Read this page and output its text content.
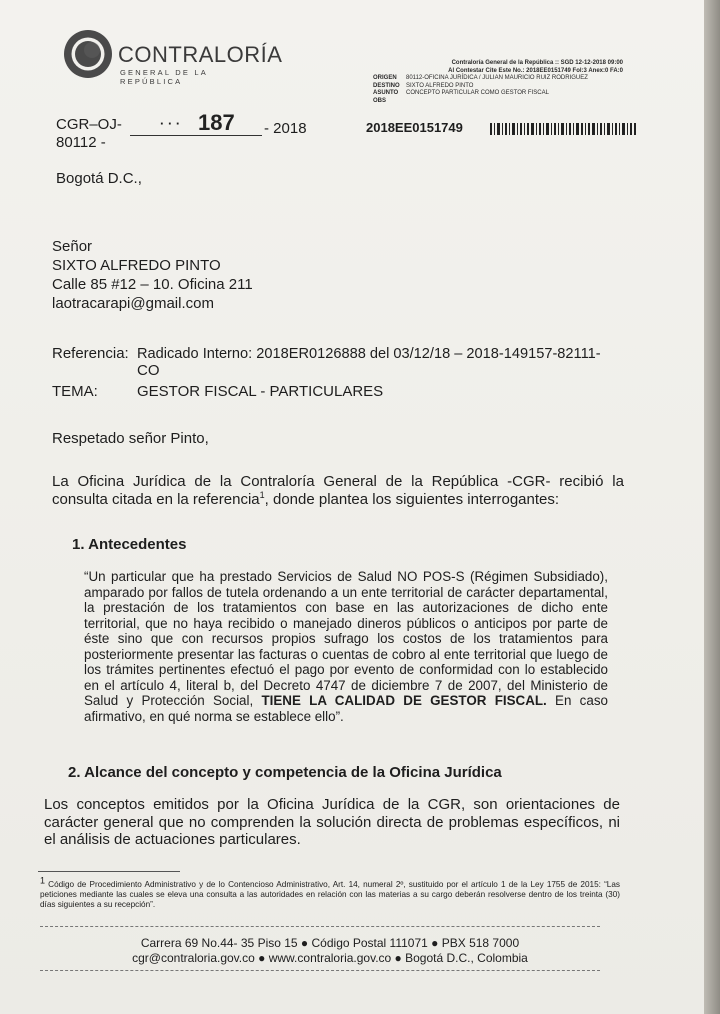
CONTRALORÍA
GENERAL DE LA REPÚBLICA
Contraloría General de la República :: SGD 12-12-2018 09:00
Al Contestar Cite Este No.: 2018EE0151749 Fol:3 Anex:0 FA:0
ORIGEN 80112-OFICINA JURÍDICA / JULIAN MAURICIO RUIZ RODRIGUEZ
DESTINO SIXTO ALFREDO PINTO
ASUNTO CONCEPTO PARTICULAR COMO GESTOR FISCAL
OBS
CGR–OJ-
80112 -
· · · 187 - 2018	2018EE0151749
Bogotá D.C.,
Señor
SIXTO ALFREDO PINTO
Calle 85 #12 – 10. Oficina 211
laotracarapi@gmail.com
Referencia: Radicado Interno: 2018ER0126888 del 03/12/18 – 2018-149157-82111-
CO
TEMA:	GESTOR FISCAL - PARTICULARES
Respetado señor Pinto,
La Oficina Jurídica de la Contraloría General de la República -CGR- recibió la consulta citada en la referencia$^1$, donde plantea los siguientes interrogantes:
1. Antecedentes
“Un particular que ha prestado Servicios de Salud NO POS-S (Régimen Subsidiado), amparado por fallos de tutela ordenando a un ente territorial de carácter departamental, la prestación de los tratamientos con base en las autorizaciones de dicho ente territorial, que no haya recibido o manejado dineros públicos o anticipos por parte de éste sino que con recursos propios sufrago los costos de los tratamientos para posteriormente presentar las facturas o cuentas de cobro al ente territorial que luego de los trámites pertinentes efectuó el pago por evento de conformidad con lo establecido en el artículo 4, literal b, del Decreto 4747 de diciembre 7 de 2007, del Ministerio de Salud y Protección Social, TIENE LA CALIDAD DE GESTOR FISCAL. En caso afirmativo, en qué norma se establece ello”.
2. Alcance del concepto y competencia de la Oficina Jurídica
Los conceptos emitidos por la Oficina Jurídica de la CGR, son orientaciones de carácter general que no comprenden la solución directa de problemas específicos, ni el análisis de actuaciones particulares.
$^1$ Código de Procedimiento Administrativo y de lo Contencioso Administrativo, Art. 14, numeral 2º, sustituido por el artículo 1 de la Ley 1755 de 2015: “Las peticiones mediante las cuales se eleva una consulta a las autoridades en relación con las materias a su cargo deberán resolverse dentro de los treinta (30) días siguientes a su recepción”.
Carrera 69 No.44- 35 Piso 15 ● Código Postal 111071 ● PBX 518 7000
cgr@contraloria.gov.co ● www.contraloria.gov.co ● Bogotá D.C., Colombia
